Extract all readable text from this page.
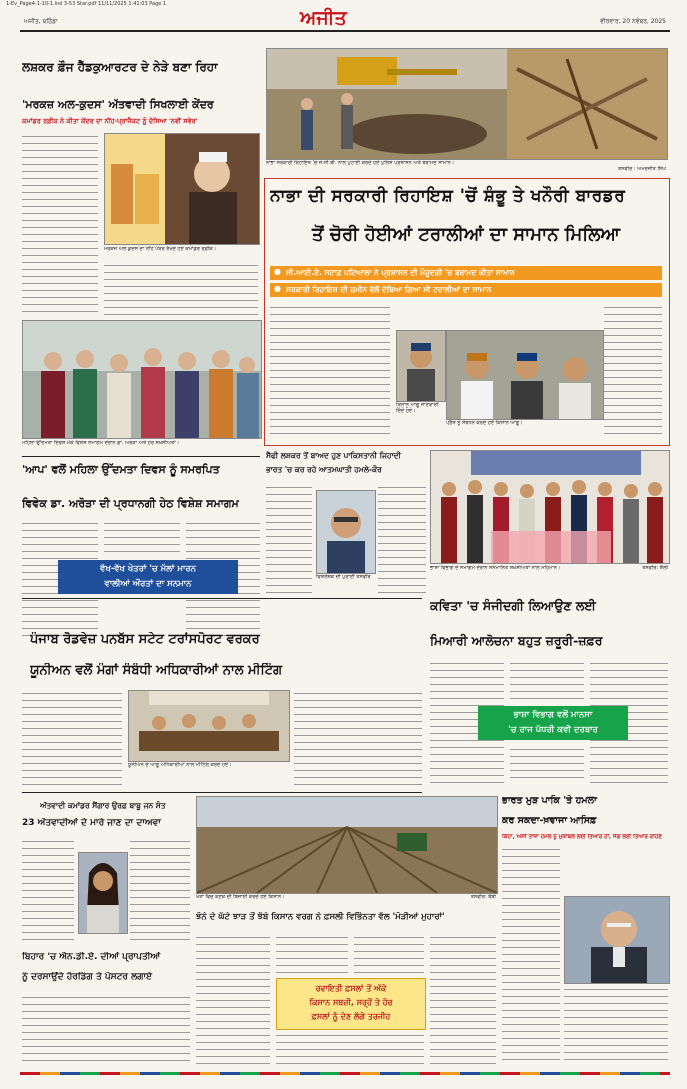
1-Ev_Page4-1-10-1.ind 3-53 Star.pdf 11/11/2025 1:41:03 Page 1
ਅਜੀਤ, ਬਠਿੰਡਾ	ਅਜੀਤ	ਵੀਰਵਾਰ, 20 ਨਵੰਬਰ, 2025
ਲਸ਼ਕਰ ਫ਼ੌਜ ਹੈੱਡਕੁਆਰਟਰ ਦੇ ਨੇੜੇ ਬਣਾ ਰਿਹਾ
'ਮਰਕਜ਼ ਅਲ-ਕੁਦਸ' ਅੱਤਵਾਦੀ ਸਿਖਲਾਈ ਕੇਂਦਰ
ਕਮਾਂਡਰ ਰਫ਼ੀਕ ਨੇ ਕੀਤਾ ਕੇਂਦਰ ਦਾ ਨੀਂਹ-ਪ੍ਰਾਜੈਕਟ ਨੂੰ ਦੱਸਿਆ 'ਨਵੀਂ ਸਵੇਰ'
ਮਰਕਜ਼ ਅਲ ਕੁਦਸ ਦਾ ਨੀਂਹ ਪੱਥਰ ਰੱਖਦੇ ਹੋਏ ਕਮਾਂਡਰ ਰਫ਼ੀਕ।
ਮਹਿਲਾ ਉੱਦਮਤਾ ਦਿਵਸ ਮੌਕੇ ਵਿਸ਼ੇਸ਼ ਸਮਾਗਮ ਦੌਰਾਨ ਡਾ. ਅਰੋੜਾ ਅਤੇ ਹੋਰ ਸ਼ਖ਼ਸੀਅਤਾਂ।
ਨਾਭਾ ਸਰਕਾਰੀ ਰਿਹਾਇਸ਼ 'ਚ ਜੇ.ਸੀ.ਬੀ. ਨਾਲ ਪੁਟਾਈ ਕਰਦੇ ਹੋਏ ਪੁਲਿਸ ਪ੍ਰਸ਼ਾਸਨ ਅਤੇ ਬਰਾਮਦ ਸਾਮਾਨ।
ਤਸਵੀਰ : ਅਮਰਜੀਤ ਸਿੰਘ
ਨਾਭਾ ਦੀ ਸਰਕਾਰੀ ਰਿਹਾਇਸ਼ 'ਚੋਂ ਸ਼ੰਭੂ ਤੇ ਖਨੌਰੀ ਬਾਰਡਰ
ਤੋਂ ਚੋਰੀ ਹੋਈਆਂ ਟਰਾਲੀਆਂ ਦਾ ਸਾਮਾਨ ਮਿਲਿਆ
● ਸੀ.ਆਈ.ਏ. ਸਟਾਫ਼ ਪਟਿਆਲਾ ਨੇ ਪ੍ਰਸ਼ਾਸਨ ਦੀ ਮੌਜੂਦਗੀ 'ਚ ਬਰਾਮਦ ਕੀਤਾ ਸਾਮਾਨ
● ਸਰਕਾਰੀ ਰਿਹਾਇਸ਼ ਦੀ ਜ਼ਮੀਨ ਵੱਲੋਂ ਦੱਬਿਆ ਗਿਆ ਸੀ ਟਰਾਲੀਆਂ ਦਾ ਸਾਮਾਨ
ਕਿਸਾਨ ਆਗੂ ਜਾਣਕਾਰੀ ਦਿੰਦੇ ਹੋਏ।
ਪ੍ਰੈੱਸ ਨੂੰ ਸੰਬੋਧਨ ਕਰਦੇ ਹੋਏ ਕਿਸਾਨ ਆਗੂ।
'ਆਪ' ਵਲੋਂ ਮਹਿਲਾ ਉੱਦਮਤਾ ਦਿਵਸ ਨੂੰ ਸਮਰਪਿਤ
ਵਿਵੇਕ ਡਾ. ਅਰੋੜਾ ਦੀ ਪ੍ਰਧਾਨਗੀ ਹੇਠ ਵਿਸ਼ੇਸ਼ ਸਮਾਗਮ
ਵੱਖ-ਵੱਖ ਖੇਤਰਾਂ 'ਚ ਮੱਲਾਂ ਮਾਰਨ
ਵਾਲੀਆਂ ਔਰਤਾਂ ਦਾ ਸਨਮਾਨ
ਸੈਫੀ ਲਸ਼ਕਰ ਤੋਂ ਬਾਅਦ ਹੁਣ ਪਾਕਿਸਤਾਨੀ ਜਿਹਾਦੀ
ਭਾਰਤ 'ਚ ਕਰ ਰਹੇ ਆਤਮਘਾਤੀ ਹਮਲੇ-ਕੌਰ
ਵਿਸ਼ਲੇਸ਼ਕ ਦੀ ਪੁਰਾਣੀ ਤਸਵੀਰ
ਭਾਸ਼ਾ ਵਿਭਾਗ ਦੇ ਸਮਾਗਮ ਦੌਰਾਨ ਸਨਮਾਨਿਤ ਸ਼ਖ਼ਸੀਅਤਾਂ ਨਾਲ ਮਹਿਮਾਨ।	ਤਸਵੀਰ: ਸ਼ੈਲੀ
ਕਵਿਤਾ 'ਚ ਸੰਜੀਦਗੀ ਲਿਆਉਣ ਲਈ
ਮਿਆਰੀ ਆਲੋਚਨਾ ਬਹੁਤ ਜ਼ਰੂਰੀ-ਜ਼ਫ਼ਰ
ਭਾਸ਼ਾ ਵਿਭਾਗ ਵਲੋਂ ਮਾਨਸਾ
'ਚ ਰਾਜ ਪੱਧਰੀ ਕਵੀ ਦਰਬਾਰ
ਪੰਜਾਬ ਰੋਡਵੇਜ਼ ਪਨਬੱਸ ਸਟੇਟ ਟਰਾਂਸਪੋਰਟ ਵਰਕਰ
ਯੂਨੀਅਨ ਵਲੋਂ ਮੰਗਾਂ ਸੰਬੰਧੀ ਅਧਿਕਾਰੀਆਂ ਨਾਲ ਮੀਟਿੰਗ
ਯੂਨੀਅਨ ਦੇ ਆਗੂ ਅਧਿਕਾਰੀਆਂ ਨਾਲ ਮੀਟਿੰਗ ਕਰਦੇ ਹੋਏ।
ਅੱਤਵਾਦੀ ਕਮਾਂਡਰ ਸੈਂਗਾਰ ਉਰਫ਼ ਬਾਬੂ ਜਨ ਸੰਤ
23 ਅੱਤਵਾਦੀਆਂ ਦੇ ਮਾਰੇ ਜਾਣ ਦਾ ਦਾਅਵਾ
ਬਿਹਾਰ 'ਚ ਐਨ.ਡੀ.ਏ. ਦੀਆਂ ਪ੍ਰਾਪਤੀਆਂ
ਨੂੰ ਦਰਸਾਉਂਦੇ ਹੋਰਡਿੰਗ ਤੇ ਪੋਸਟਰ ਲਗਾਏ
ਖੇਤਾਂ ਵਿਚ ਕਣਕ ਦੀ ਬਿਜਾਈ ਕਰਦੇ ਹੋਏ ਕਿਸਾਨ।	ਤਸਵੀਰ: ਬੱਬੀ
ਝੋਨੇ ਦੇ ਘੱਟੇ ਝਾੜ ਤੋਂ ਝੰਬੇ ਕਿਸਾਨ ਵਰਗ ਨੇ ਫ਼ਸਲੀ ਵਿਭਿੰਨਤਾ ਵੱਲ 'ਮੋੜੀਆਂ ਮੁਹਾਰਾਂ'
ਰਵਾਇਤੀ ਫ਼ਸਲਾਂ ਤੋਂ ਅੱਕੇ
ਕਿਸਾਨ ਸਬਜ਼ੀ, ਸਰ੍ਹੋਂ ਤੇ ਹੋਰ
ਫ਼ਸਲਾਂ ਨੂੰ ਦੇਣ ਲੱਗੇ ਤਰਜੀਹ
ਭਾਰਤ ਮੁੜ ਪਾਕਿ 'ਤੇ ਹਮਲਾ
ਕਰ ਸਕਦਾ-ਖ਼ਵਾਜਾ ਆਸਿਫ਼
ਕਿਹਾ, ਅਸੀਂ ਤਾਜ਼ਾ ਹਮਲੇ ਨੂੰ ਮੁਕਾਬਲੇ ਲਈ ਤਿਆਰ ਹਾਂ, ਜੰਗ ਲਈ ਤਿਆਰ ਰਹਿਣ
